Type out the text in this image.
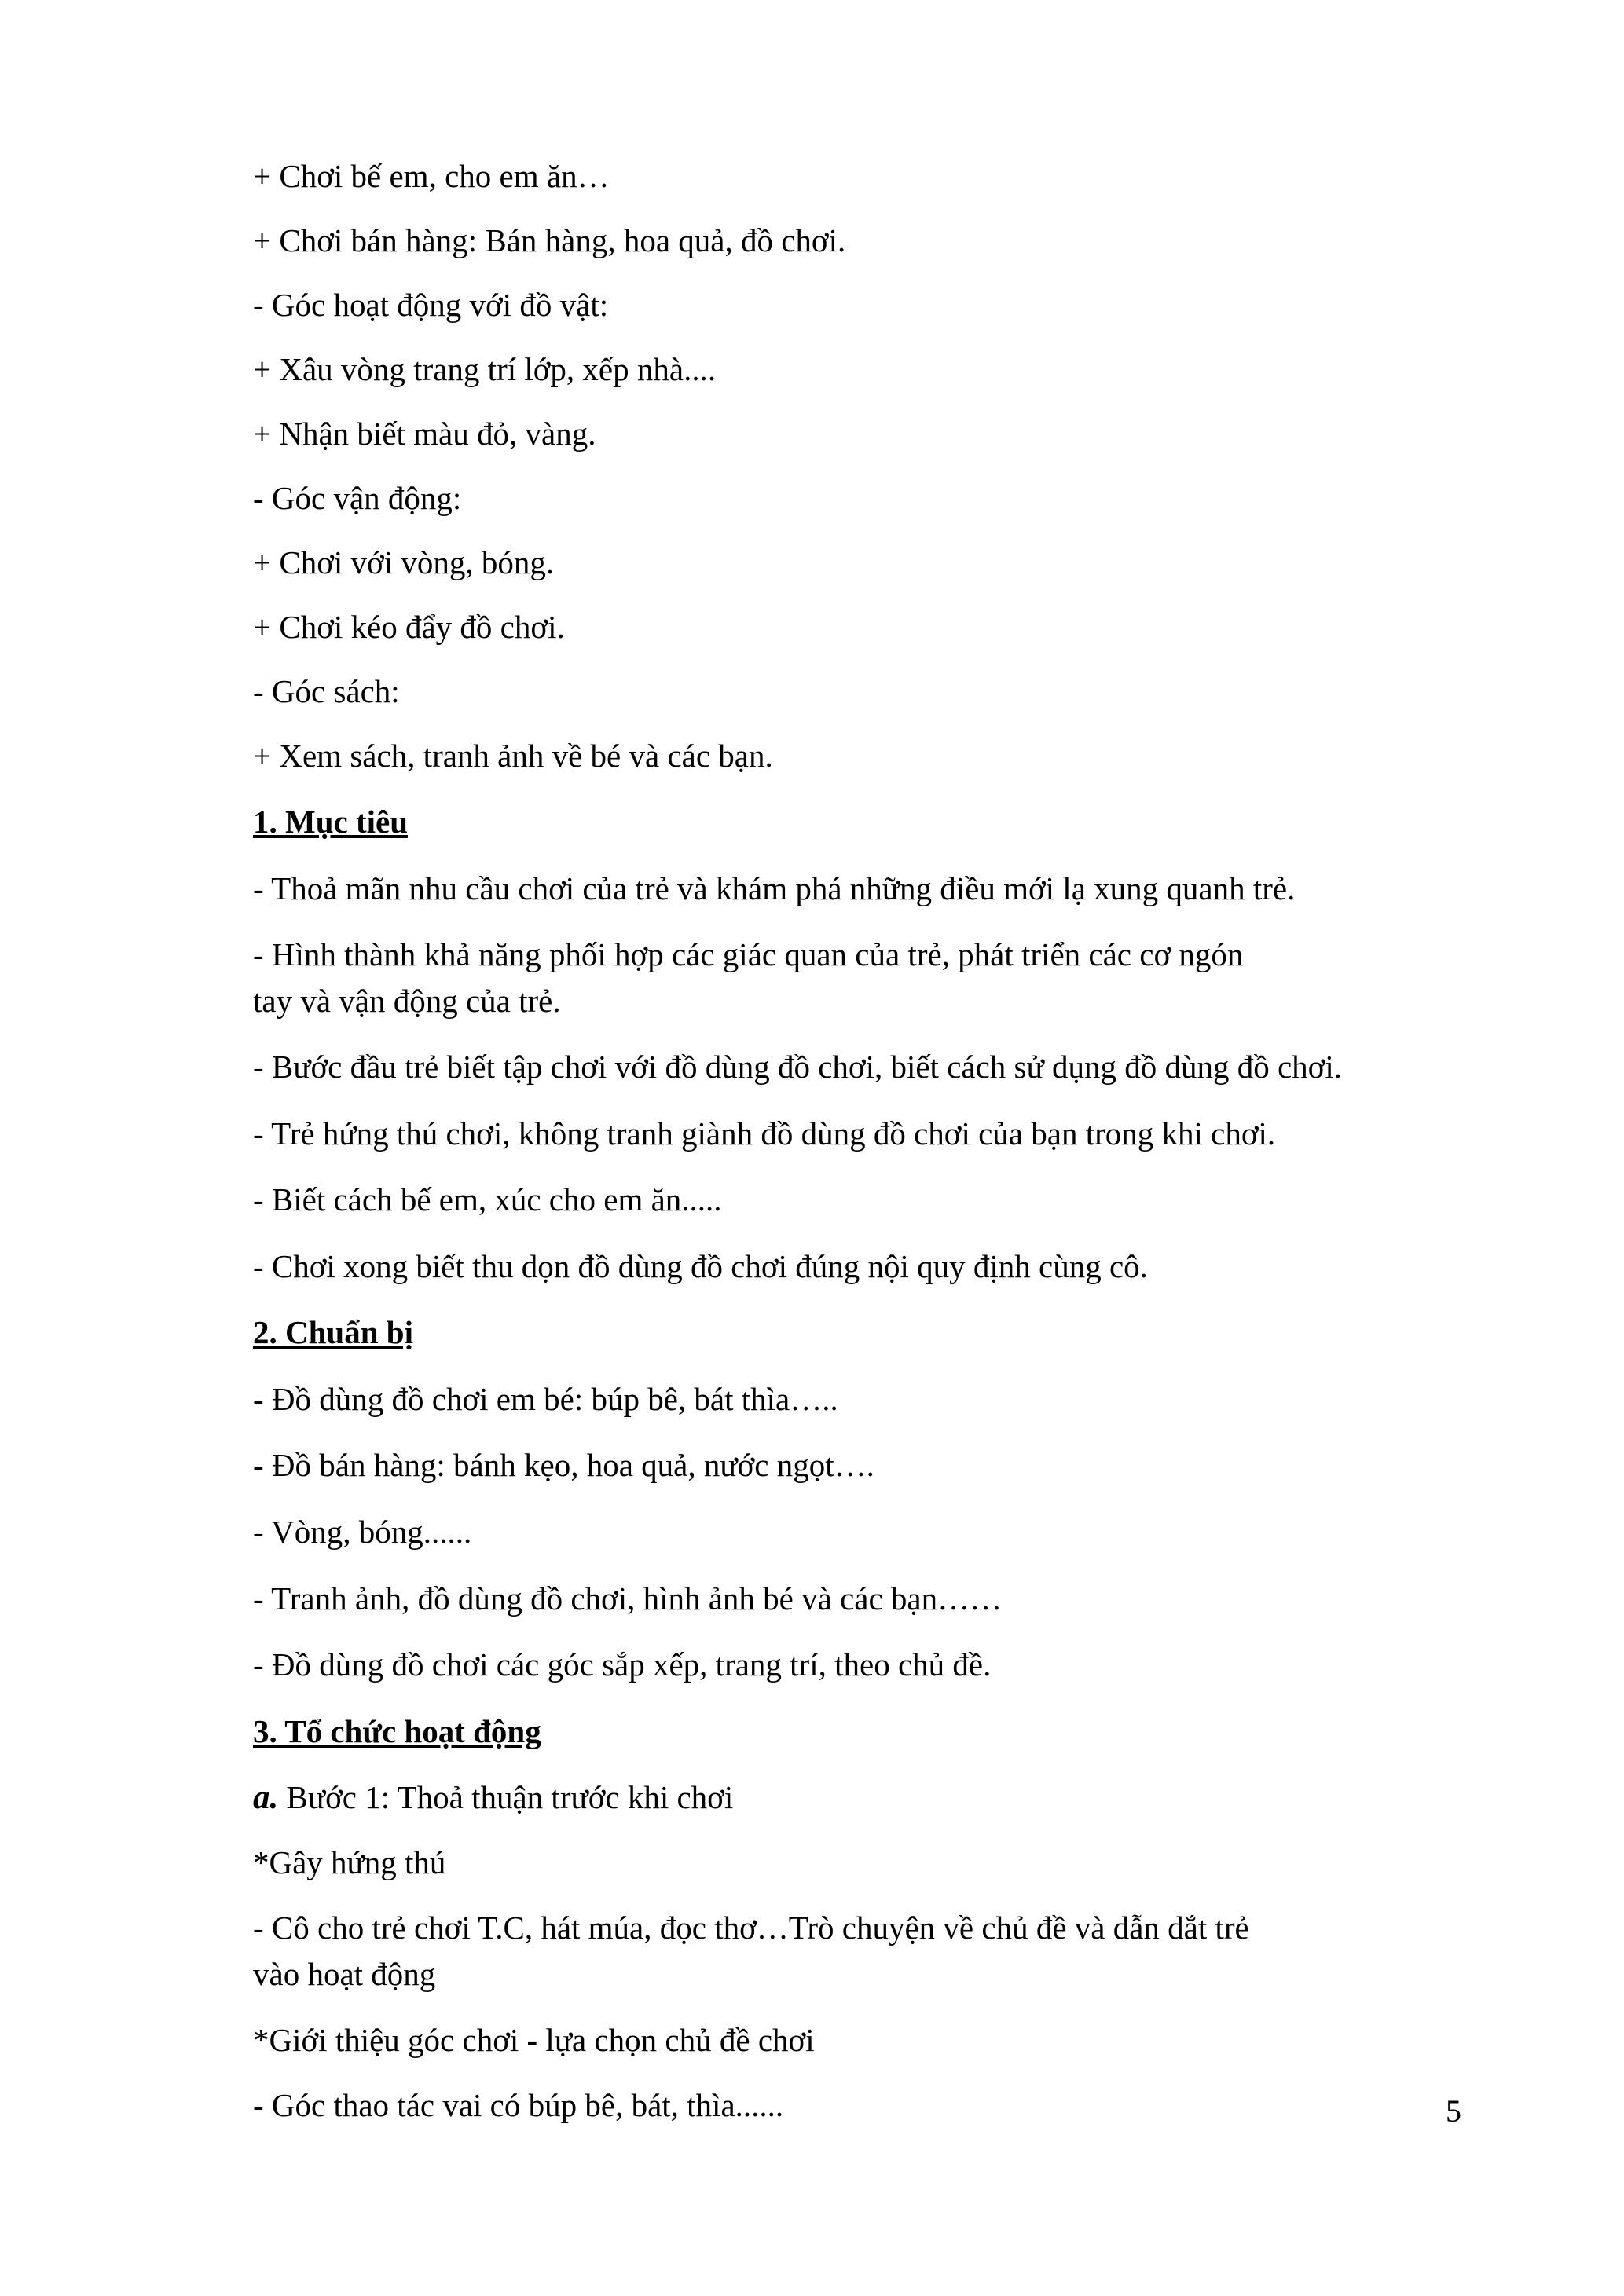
+ Chơi bế em, cho em ăn…
+ Chơi bán hàng: Bán hàng, hoa quả, đồ chơi.
- Góc hoạt động với đồ vật:
+ Xâu vòng trang trí lớp, xếp nhà....
+ Nhận biết màu đỏ, vàng.
- Góc vận động:
+ Chơi với vòng, bóng.
+ Chơi kéo đẩy đồ chơi.
- Góc sách:
+ Xem sách, tranh ảnh về bé và các bạn.
1. Mục tiêu
- Thoả mãn nhu cầu chơi của trẻ và khám phá những điều mới lạ xung quanh trẻ.
- Hình thành khả năng phối hợp các giác quan của trẻ, phát triển các cơ ngón
tay và vận động của trẻ.
- Bước đầu trẻ biết tập chơi với đồ dùng đồ chơi, biết cách sử dụng đồ dùng đồ chơi.
- Trẻ hứng thú chơi, không tranh giành đồ dùng đồ chơi của bạn trong khi chơi.
- Biết cách bế em, xúc cho em ăn.....
- Chơi xong biết thu dọn đồ dùng đồ chơi đúng nội quy định cùng cô.
2. Chuẩn bị
- Đồ dùng đồ chơi em bé: búp bê, bát thìa…..
- Đồ bán hàng: bánh kẹo, hoa quả, nước ngọt….
- Vòng, bóng......
- Tranh ảnh, đồ dùng đồ chơi, hình ảnh bé và các bạn……
- Đồ dùng đồ chơi các góc sắp xếp, trang trí, theo chủ đề.
3. Tổ chức hoạt động
a. Bước 1: Thoả thuận trước khi chơi
*Gây hứng thú
- Cô cho trẻ chơi T.C, hát múa, đọc thơ…Trò chuyện về chủ đề và dẫn dắt trẻ
vào hoạt động
*Giới thiệu góc chơi - lựa chọn chủ đề chơi
- Góc thao tác vai có búp bê, bát, thìa......	5
